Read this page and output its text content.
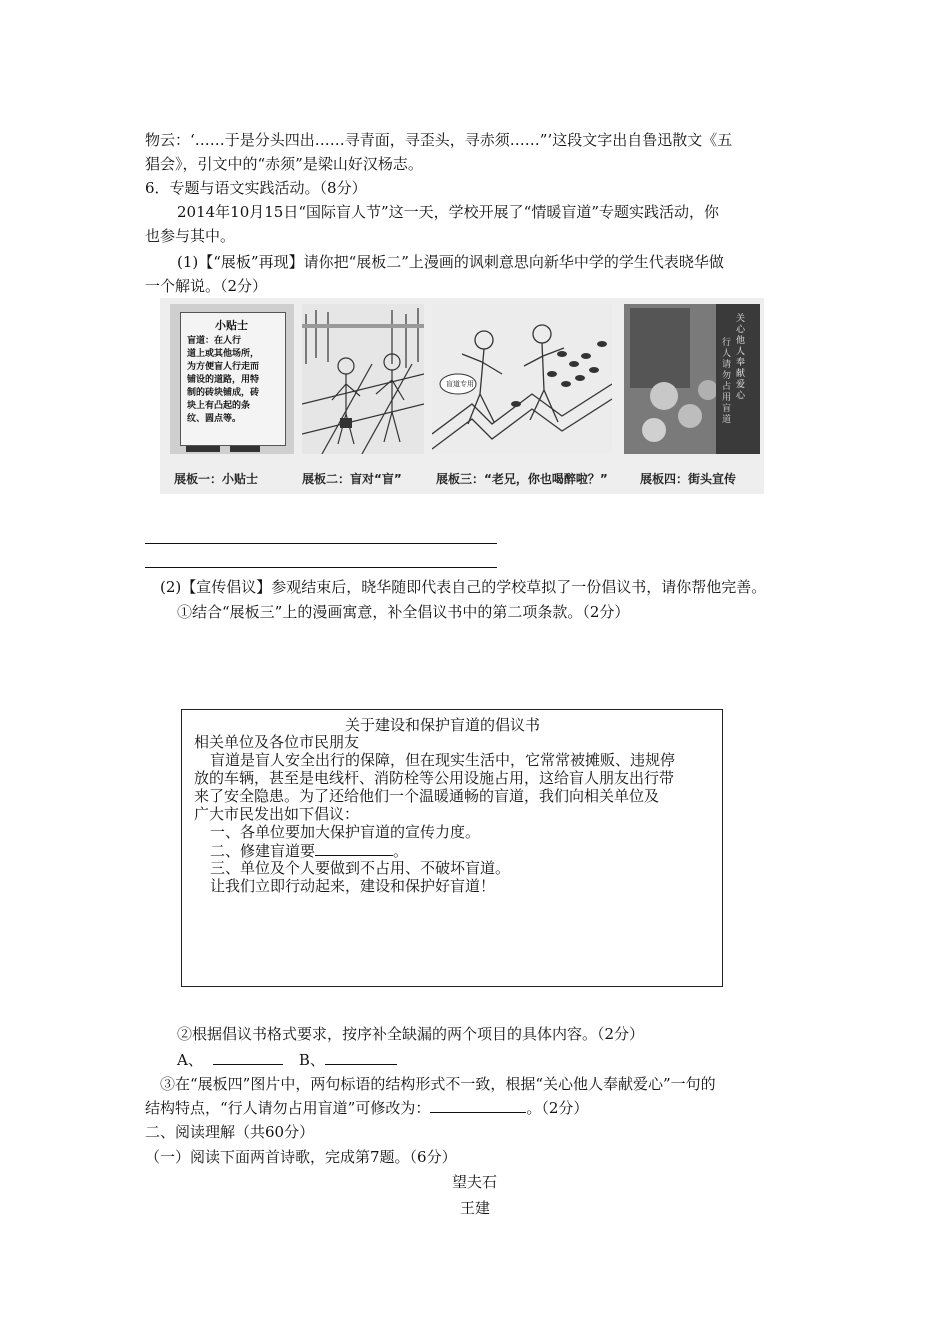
物云：‘……于是分头四出……寻青面，寻歪头，寻赤须……”’这段文字出自鲁迅散文《五
猖会》，引文中的“赤须”是梁山好汉杨志。
6．专题与语文实践活动。（8分）
2014年10月15日“国际盲人节”这一天，学校开展了“情暖盲道”专题实践活动，你
也参与其中。
(1)【“展板”再现】请你把“展板二”上漫画的讽刺意思向新华中学的学生代表晓华做
一个解说。（2分）
小贴士
盲道：在人行
道上或其他场所，
为方便盲人行走而
铺设的道路，用特
制的砖块铺成，砖
块上有凸起的条
纹、圆点等。
展板一：小贴士	展板二：盲对“盲”
盲道专用
展板三：“老兄，你也喝醉啦？”
关心他人奉献爱心
行人请勿占用盲道
展板四：街头宣传
(2)【宣传倡议】参观结束后，晓华随即代表自己的学校草拟了一份倡议书，请你帮他完善。
①结合“展板三”上的漫画寓意，补全倡议书中的第二项条款。（2分）
关于建设和保护盲道的倡议书
相关单位及各位市民朋友
盲道是盲人安全出行的保障，但在现实生活中，它常常被摊贩、违规停
放的车辆，甚至是电线杆、消防栓等公用设施占用，这给盲人朋友出行带
来了安全隐患。为了还给他们一个温暖通畅的盲道，我们向相关单位及
广大市民发出如下倡议：
一、各单位要加大保护盲道的宣传力度。
二、修建盲道要	。
三、单位及个人要做到不占用、不破坏盲道。
让我们立即行动起来，建设和保护好盲道！
②根据倡议书格式要求，按序补全缺漏的两个项目的具体内容。（2分）
A、	B、
③在“展板四”图片中，两句标语的结构形式不一致，根据“关心他人奉献爱心”一句的
结构特点，“行人请勿占用盲道”可修改为：	。（2分）
二、阅读理解（共60分）
（一）阅读下面两首诗歌，完成第7题。（6分）
望夫石
王建
